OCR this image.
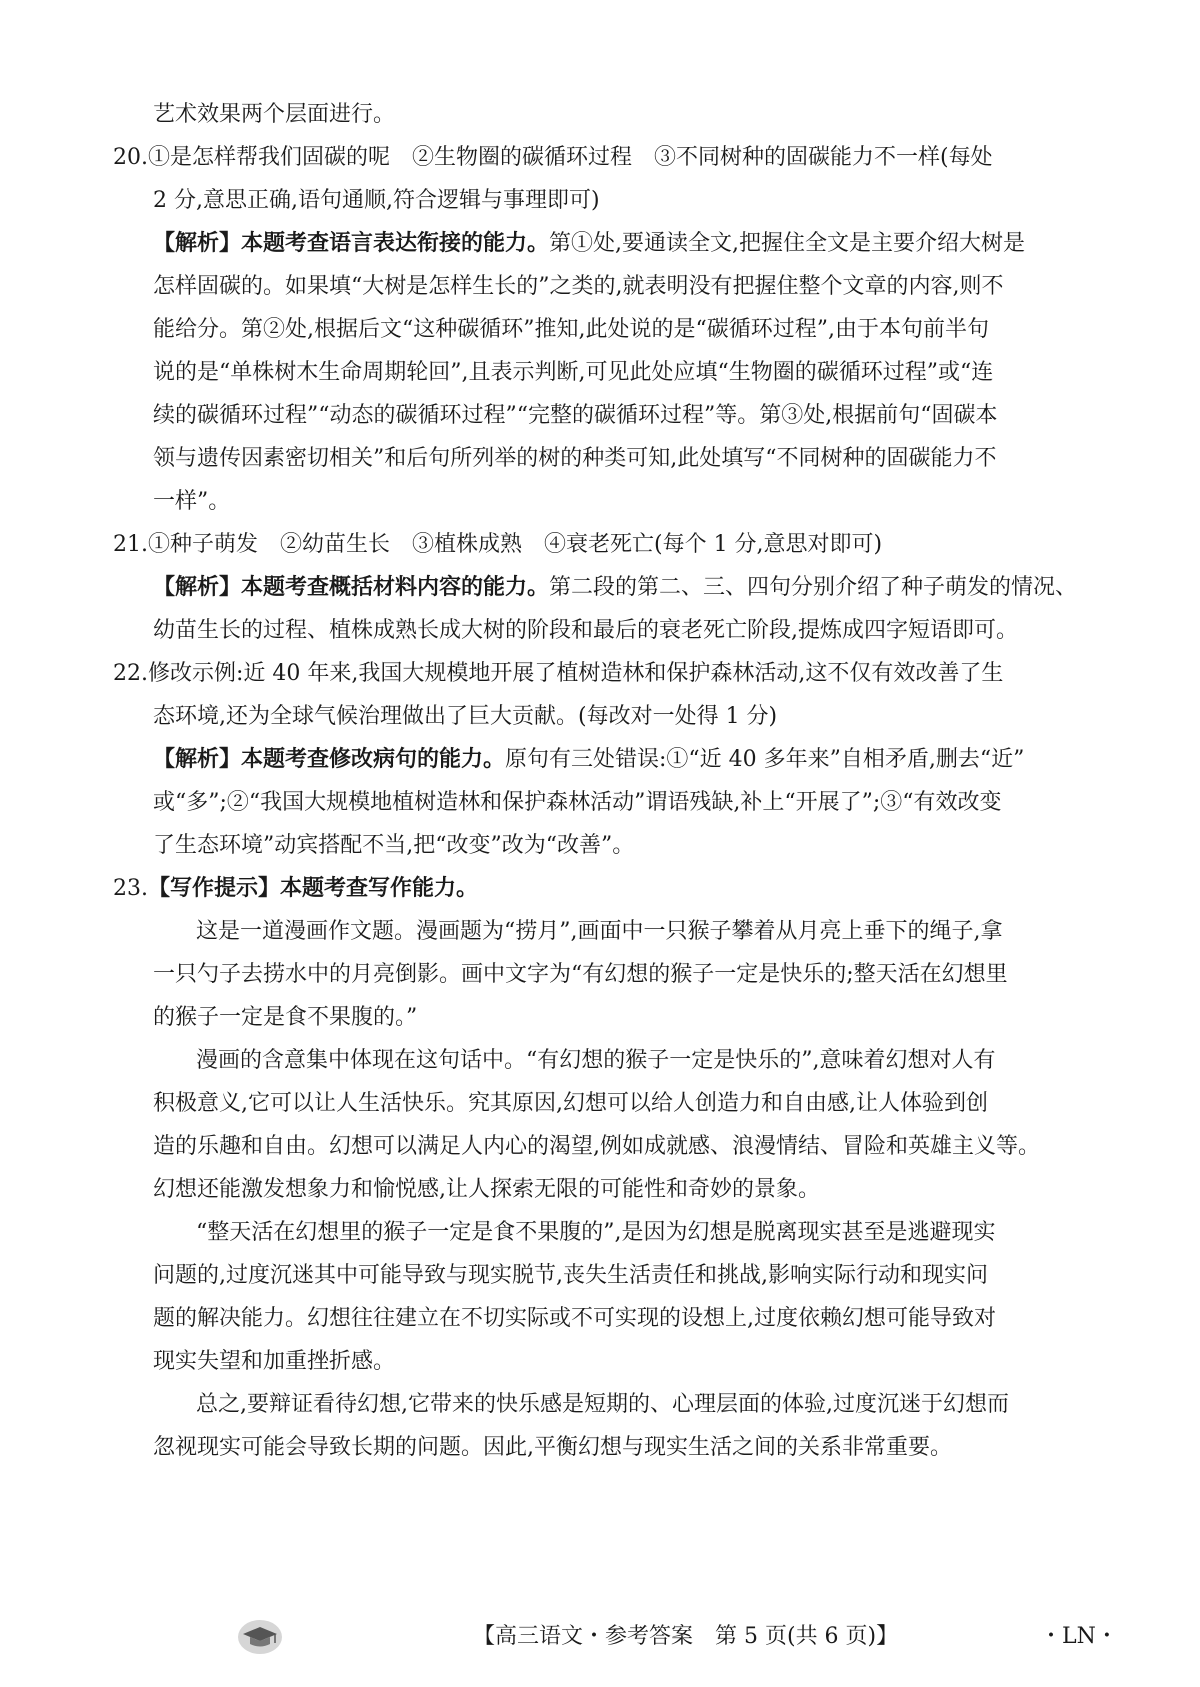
艺术效果两个层面进行。
20.①是怎样帮我们固碳的呢　②生物圈的碳循环过程　③不同树种的固碳能力不一样(每处
2 分,意思正确,语句通顺,符合逻辑与事理即可)
【解析】本题考查语言表达衔接的能力。第①处,要通读全文,把握住全文是主要介绍大树是
怎样固碳的。如果填“大树是怎样生长的”之类的,就表明没有把握住整个文章的内容,则不
能给分。第②处,根据后文“这种碳循环”推知,此处说的是“碳循环过程”,由于本句前半句
说的是“单株树木生命周期轮回”,且表示判断,可见此处应填“生物圈的碳循环过程”或“连
续的碳循环过程”“动态的碳循环过程”“完整的碳循环过程”等。第③处,根据前句“固碳本
领与遗传因素密切相关”和后句所列举的树的种类可知,此处填写“不同树种的固碳能力不
一样”。
21.①种子萌发　②幼苗生长　③植株成熟　④衰老死亡(每个 1 分,意思对即可)
【解析】本题考查概括材料内容的能力。第二段的第二、三、四句分别介绍了种子萌发的情况、
幼苗生长的过程、植株成熟长成大树的阶段和最后的衰老死亡阶段,提炼成四字短语即可。
22.修改示例:近 40 年来,我国大规模地开展了植树造林和保护森林活动,这不仅有效改善了生
态环境,还为全球气候治理做出了巨大贡献。(每改对一处得 1 分)
【解析】本题考查修改病句的能力。原句有三处错误:①“近 40 多年来”自相矛盾,删去“近”
或“多”;②“我国大规模地植树造林和保护森林活动”谓语残缺,补上“开展了”;③“有效改变
了生态环境”动宾搭配不当,把“改变”改为“改善”。
23.【写作提示】本题考查写作能力。
这是一道漫画作文题。漫画题为“捞月”,画面中一只猴子攀着从月亮上垂下的绳子,拿
一只勺子去捞水中的月亮倒影。画中文字为“有幻想的猴子一定是快乐的;整天活在幻想里
的猴子一定是食不果腹的。”
漫画的含意集中体现在这句话中。“有幻想的猴子一定是快乐的”,意味着幻想对人有
积极意义,它可以让人生活快乐。究其原因,幻想可以给人创造力和自由感,让人体验到创
造的乐趣和自由。幻想可以满足人内心的渴望,例如成就感、浪漫情结、冒险和英雄主义等。
幻想还能激发想象力和愉悦感,让人探索无限的可能性和奇妙的景象。
“整天活在幻想里的猴子一定是食不果腹的”,是因为幻想是脱离现实甚至是逃避现实
问题的,过度沉迷其中可能导致与现实脱节,丧失生活责任和挑战,影响实际行动和现实问
题的解决能力。幻想往往建立在不切实际或不可实现的设想上,过度依赖幻想可能导致对
现实失望和加重挫折感。
总之,要辩证看待幻想,它带来的快乐感是短期的、心理层面的体验,过度沉迷于幻想而
忽视现实可能会导致长期的问题。因此,平衡幻想与现实生活之间的关系非常重要。
【高三语文・参考答案　第 5 页(共 6 页)】	・LN・
